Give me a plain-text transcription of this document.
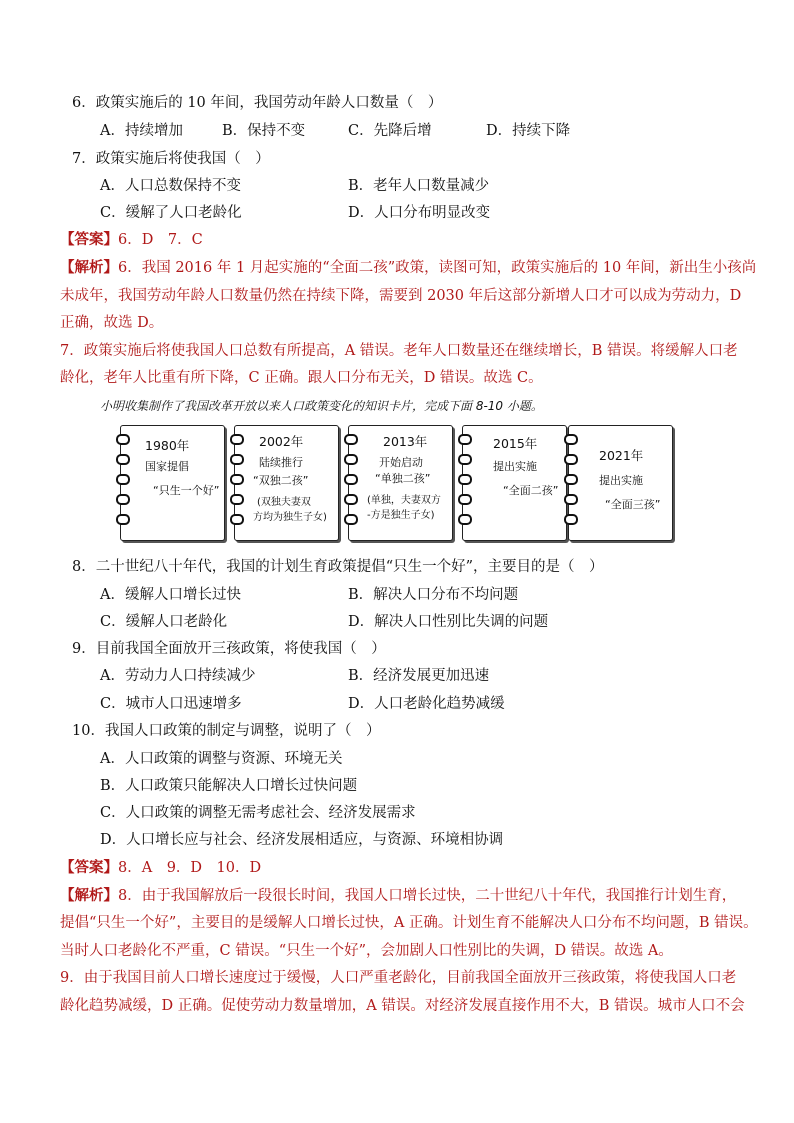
6．政策实施后的 10 年间，我国劳动年龄人口数量（　）
A．持续增加	B．保持不变	C．先降后增	D．持续下降
7．政策实施后将使我国（　）
A．人口总数保持不变	B．老年人口数量减少
C．缓解了人口老龄化	D．人口分布明显改变
【答案】6．D　7．C
【解析】6．我国 2016 年 1 月起实施的“全面二孩”政策，读图可知，政策实施后的 10 年间，新出生小孩尚
未成年，我国劳动年龄人口数量仍然在持续下降，需要到 2030 年后这部分新增人口才可以成为劳动力，D
正确，故选 D。
7．政策实施后将使我国人口总数有所提高，A 错误。老年人口数量还在继续增长，B 错误。将缓解人口老
龄化，老年人比重有所下降，C 正确。跟人口分布无关，D 错误。故选 C。
小明收集制作了我国改革开放以来人口政策变化的知识卡片，完成下面 8-10 小题。
1980年
国家提倡
“只生一个好”
2002年
陆续推行
“双独二孩”
(双独夫妻双
方均为独生子女)
2013年
开始启动
“单独二孩”
(单独，夫妻双方
-方是独生子女)
2015年
提出实施
“全面二孩”
2021年
提出实施
“全面三孩”
8．二十世纪八十年代，我国的计划生育政策提倡“只生一个好”，主要目的是（　）
A．缓解人口增长过快	B．解决人口分布不均问题
C．缓解人口老龄化	D．解决人口性别比失调的问题
9．目前我国全面放开三孩政策，将使我国（　）
A．劳动力人口持续减少	B．经济发展更加迅速
C．城市人口迅速增多	D．人口老龄化趋势减缓
10．我国人口政策的制定与调整，说明了（　）
A．人口政策的调整与资源、环境无关
B．人口政策只能解决人口增长过快问题
C．人口政策的调整无需考虑社会、经济发展需求
D．人口增长应与社会、经济发展相适应，与资源、环境相协调
【答案】8．A　9．D　10．D
【解析】8．由于我国解放后一段很长时间，我国人口增长过快，二十世纪八十年代，我国推行计划生育，
提倡“只生一个好”，主要目的是缓解人口增长过快，A 正确。计划生育不能解决人口分布不均问题，B 错误。
当时人口老龄化不严重，C 错误。“只生一个好”，会加剧人口性别比的失调，D 错误。故选 A。
9．由于我国目前人口增长速度过于缓慢，人口严重老龄化，目前我国全面放开三孩政策，将使我国人口老
龄化趋势减缓，D 正确。促使劳动力数量增加，A 错误。对经济发展直接作用不大，B 错误。城市人口不会
